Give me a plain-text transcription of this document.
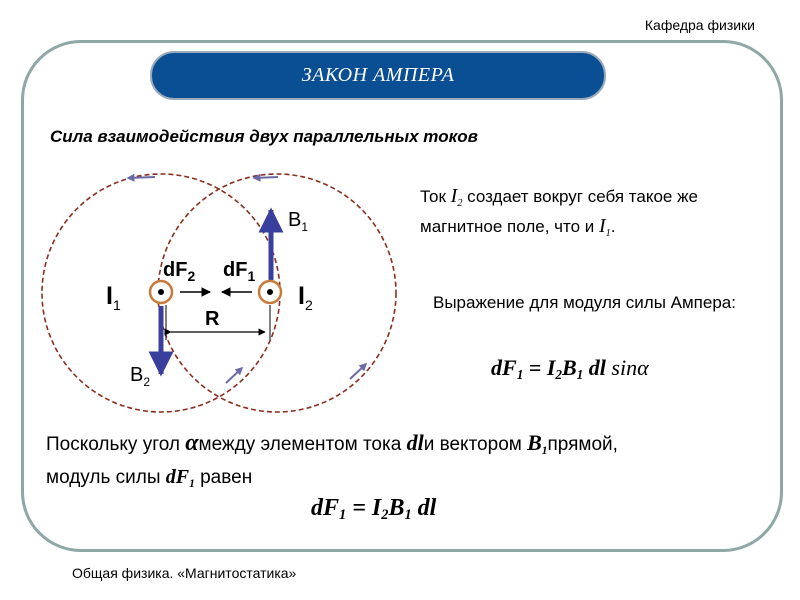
Кафедра физики
ЗАКОН АМПЕРА
Сила взаимодействия двух параллельных токов
$I_1$	$I_2$
$B_1$
$B_2$
$dF_2$ $dF_1$
R
Ток $I_2$ создает вокруг себя такое же магнитное поле, что и $I_1$.
Выражение для модуля силы Ампера:
$dF_1 = I_2B_1$ dl sinα
Поскольку угол αмежду элементом тока dlи вектором $B_1прямой$,
модуль силы $dF_1$ равен
$dF_1 = I_2B_1$ dl
Общая физика. «Магнитостатика»
